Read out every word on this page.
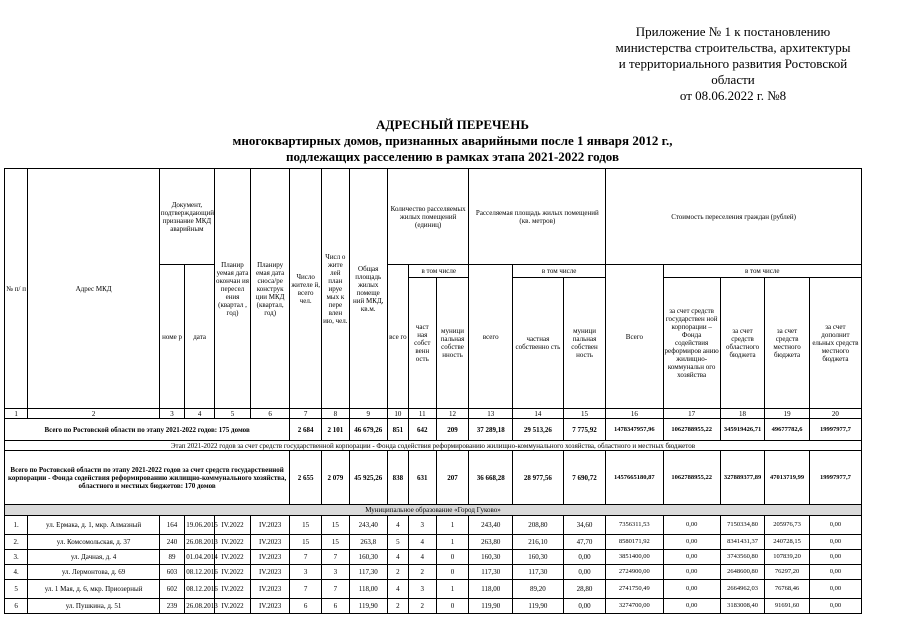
Приложение № 1 к постановлению
министерства строительства, архитектуры
и территориального развития Ростовской
области
от 08.06.2022 г. №8
АДРЕСНЫЙ ПЕРЕЧЕНЬ
многоквартирных домов, признанных аварийными после 1 января 2012 г.,
подлежащих расселению в рамках этапа 2021-2022 годов
№ п/ п	Адрес МКД	Документ, подтверждающий признание МКД аварийным		Планир уемая дата окончан ия пересел ения (квартал , год)	Планиру емая дата сноса/ре конструк ции МКД (квартал, год)	Число жителе й, всего чел.	Числ о жите лей план ируе мых к пере влен ию, чел.	Общая площадь жилых помеще ний МКД, кв.м.	Количество расселяемых жилых помещений (единиц)			Расселяемая площадь жилых помещений (кв. метров)			Стоимость переселения граждан (рублей)				
		номе р	дата						все го	в том числе		всего	в том числе		Всего	в том числе			
										част ная собст венн ость	муници пальная собстве нность		частная собственно сть	муници пальная собствен ность		за счет средств государствен ной корпорации – Фонда содействия реформиров анию жилищно-коммунальн ого хозяйства	за счет средств областного бюджета	за счет средств местного бюджета	за счет дополнит ельных средств местного бюджета
1	2	3	4	5	6	7	8	9	10	11	12	13	14	15	16	17	18	19	20
Всего по Ростовской области по этапу 2021-2022 годов: 175 домов						2 684	2 101	46 679,26	851	642	209	37 289,18	29 513,26	7 775,92	1478347957,96	1062788955,22	345919426,71	49677782,6	19997977,7
Этап 2021-2022 годов за счет средств государственной корпорации - Фонда содействия реформированию жилищно-коммунального хозяйства, областного и местных бюджетов																			
Всего по Ростовской области по этапу 2021-2022 годов за счет средств государственной корпорации - Фонда содействия реформированию жилищно-коммунального хозяйства, областного и местных бюджетов: 170 домов						2 655	2 079	45 925,26	838	631	207	36 668,28	28 977,56	7 690,72	1457665180,87	1062788955,22	327889377,89	47013719,99	19997977,7
Муниципальное образование «Город Гуково»																			
1.	ул. Ермака, д. 1, мкр. Алмазный	164	19.06.2015	IV.2022	IV.2023	15	15	243,40	4	3	1	243,40	208,80	34,60	7356311,53	0,00	7150334,80	205976,73	0,00
2.	ул. Комсомольская, д. 37	240	26.08.2013	IV.2022	IV.2023	15	15	263,8	5	4	1	263,80	216,10	47,70	8580171,92	0,00	8341431,37	240728,15	0,00
3.	ул. Дачная, д. 4	89	01.04.2014	IV.2022	IV.2023	7	7	160,30	4	4	0	160,30	160,30	0,00	3851400,00	0,00	3743560,80	107839,20	0,00
4.	ул. Лермонтова, д. 69	603	08.12.2016	IV.2022	IV.2023	3	3	117,30	2	2	0	117,30	117,30	0,00	2724900,00	0,00	2648600,80	76297,20	0,00
5	ул. 1 Мая, д. 6, мкр. Приозерный	602	08.12.2016	IV.2022	IV.2023	7	7	118,00	4	3	1	118,00	89,20	28,80	2741750,49	0,00	2664962,03	76768,46	0,00
6	ул. Пушкина, д. 51	239	26.08.2013	IV.2022	IV.2023	6	6	119,90	2	2	0	119,90	119,90	0,00	3274700,00	0,00	3183008,40	91691,60	0,00
